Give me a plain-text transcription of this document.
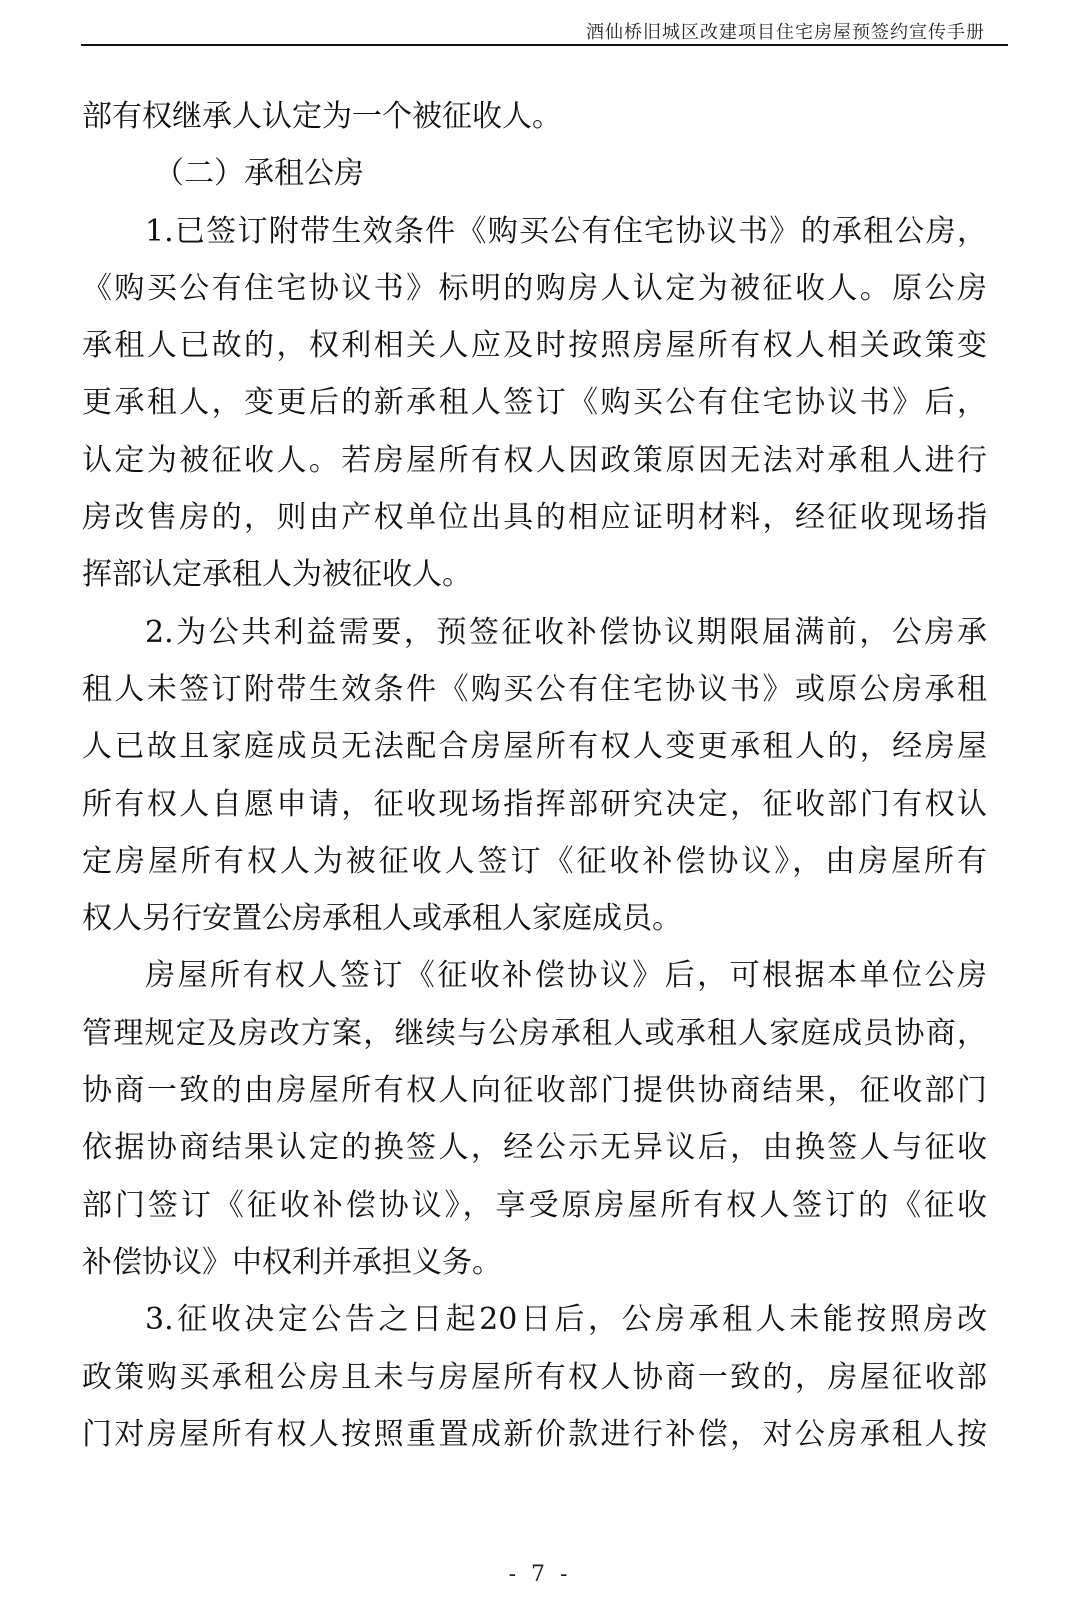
酒仙桥旧城区改建项目住宅房屋预签约宣传手册
部有权继承人认定为一个被征收人。
（二）承租公房
1.已签订附带生效条件《购买公有住宅协议书》的承租公房，
《购买公有住宅协议书》标明的购房人认定为被征收人。原公房
承租人已故的，权利相关人应及时按照房屋所有权人相关政策变
更承租人，变更后的新承租人签订《购买公有住宅协议书》后，
认定为被征收人。若房屋所有权人因政策原因无法对承租人进行
房改售房的，则由产权单位出具的相应证明材料，经征收现场指
挥部认定承租人为被征收人。
2.为公共利益需要，预签征收补偿协议期限届满前，公房承
租人未签订附带生效条件《购买公有住宅协议书》或原公房承租
人已故且家庭成员无法配合房屋所有权人变更承租人的，经房屋
所有权人自愿申请，征收现场指挥部研究决定，征收部门有权认
定房屋所有权人为被征收人签订《征收补偿协议》，由房屋所有
权人另行安置公房承租人或承租人家庭成员。
房屋所有权人签订《征收补偿协议》后，可根据本单位公房
管理规定及房改方案，继续与公房承租人或承租人家庭成员协商，
协商一致的由房屋所有权人向征收部门提供协商结果，征收部门
依据协商结果认定的换签人，经公示无异议后，由换签人与征收
部门签订《征收补偿协议》，享受原房屋所有权人签订的《征收
补偿协议》中权利并承担义务。
3.征收决定公告之日起20日后，公房承租人未能按照房改
政策购买承租公房且未与房屋所有权人协商一致的，房屋征收部
门对房屋所有权人按照重置成新价款进行补偿，对公房承租人按
- 7 -
